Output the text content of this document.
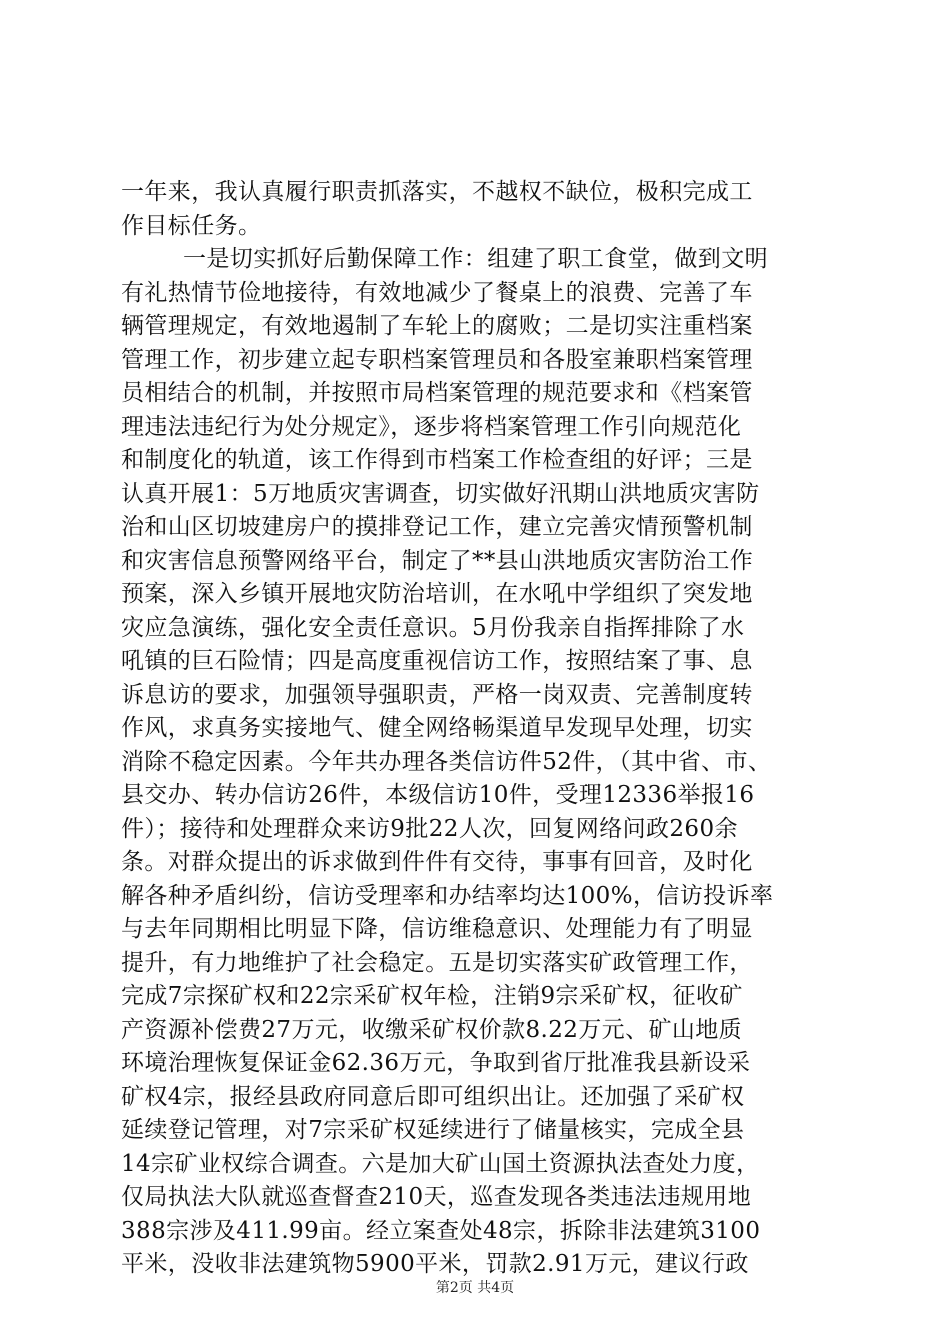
一年来，我认真履行职责抓落实，不越权不缺位，极积完成工
作目标任务。
一是切实抓好后勤保障工作：组建了职工食堂，做到文明
有礼热情节俭地接待，有效地减少了餐桌上的浪费、完善了车
辆管理规定，有效地遏制了车轮上的腐败；二是切实注重档案
管理工作，初步建立起专职档案管理员和各股室兼职档案管理
员相结合的机制，并按照市局档案管理的规范要求和《档案管
理违法违纪行为处分规定》，逐步将档案管理工作引向规范化
和制度化的轨道，该工作得到市档案工作检查组的好评；三是
认真开展1：5万地质灾害调查，切实做好汛期山洪地质灾害防
治和山区切坡建房户的摸排登记工作，建立完善灾情预警机制
和灾害信息预警网络平台，制定了**县山洪地质灾害防治工作
预案，深入乡镇开展地灾防治培训，在水吼中学组织了突发地
灾应急演练，强化安全责任意识。5月份我亲自指挥排除了水
吼镇的巨石险情；四是高度重视信访工作，按照结案了事、息
诉息访的要求，加强领导强职责，严格一岗双责、完善制度转
作风，求真务实接地气、健全网络畅渠道早发现早处理，切实
消除不稳定因素。今年共办理各类信访件52件，（其中省、市、
县交办、转办信访26件，本级信访10件，受理12336举报16
件）；接待和处理群众来访9批22人次，回复网络问政260余
条。对群众提出的诉求做到件件有交待，事事有回音，及时化
解各种矛盾纠纷，信访受理率和办结率均达100%，信访投诉率
与去年同期相比明显下降，信访维稳意识、处理能力有了明显
提升，有力地维护了社会稳定。五是切实落实矿政管理工作，
完成7宗探矿权和22宗采矿权年检，注销9宗采矿权，征收矿
产资源补偿费27万元，收缴采矿权价款8.22万元、矿山地质
环境治理恢复保证金62.36万元，争取到省厅批准我县新设采
矿权4宗，报经县政府同意后即可组织出让。还加强了采矿权
延续登记管理，对7宗采矿权延续进行了储量核实，完成全县
14宗矿业权综合调查。六是加大矿山国土资源执法查处力度，
仅局执法大队就巡查督查210天，巡查发现各类违法违规用地
388宗涉及411.99亩。经立案查处48宗，拆除非法建筑3100
平米，没收非法建筑物5900平米，罚款2.91万元，建议行政
第2页 共4页
